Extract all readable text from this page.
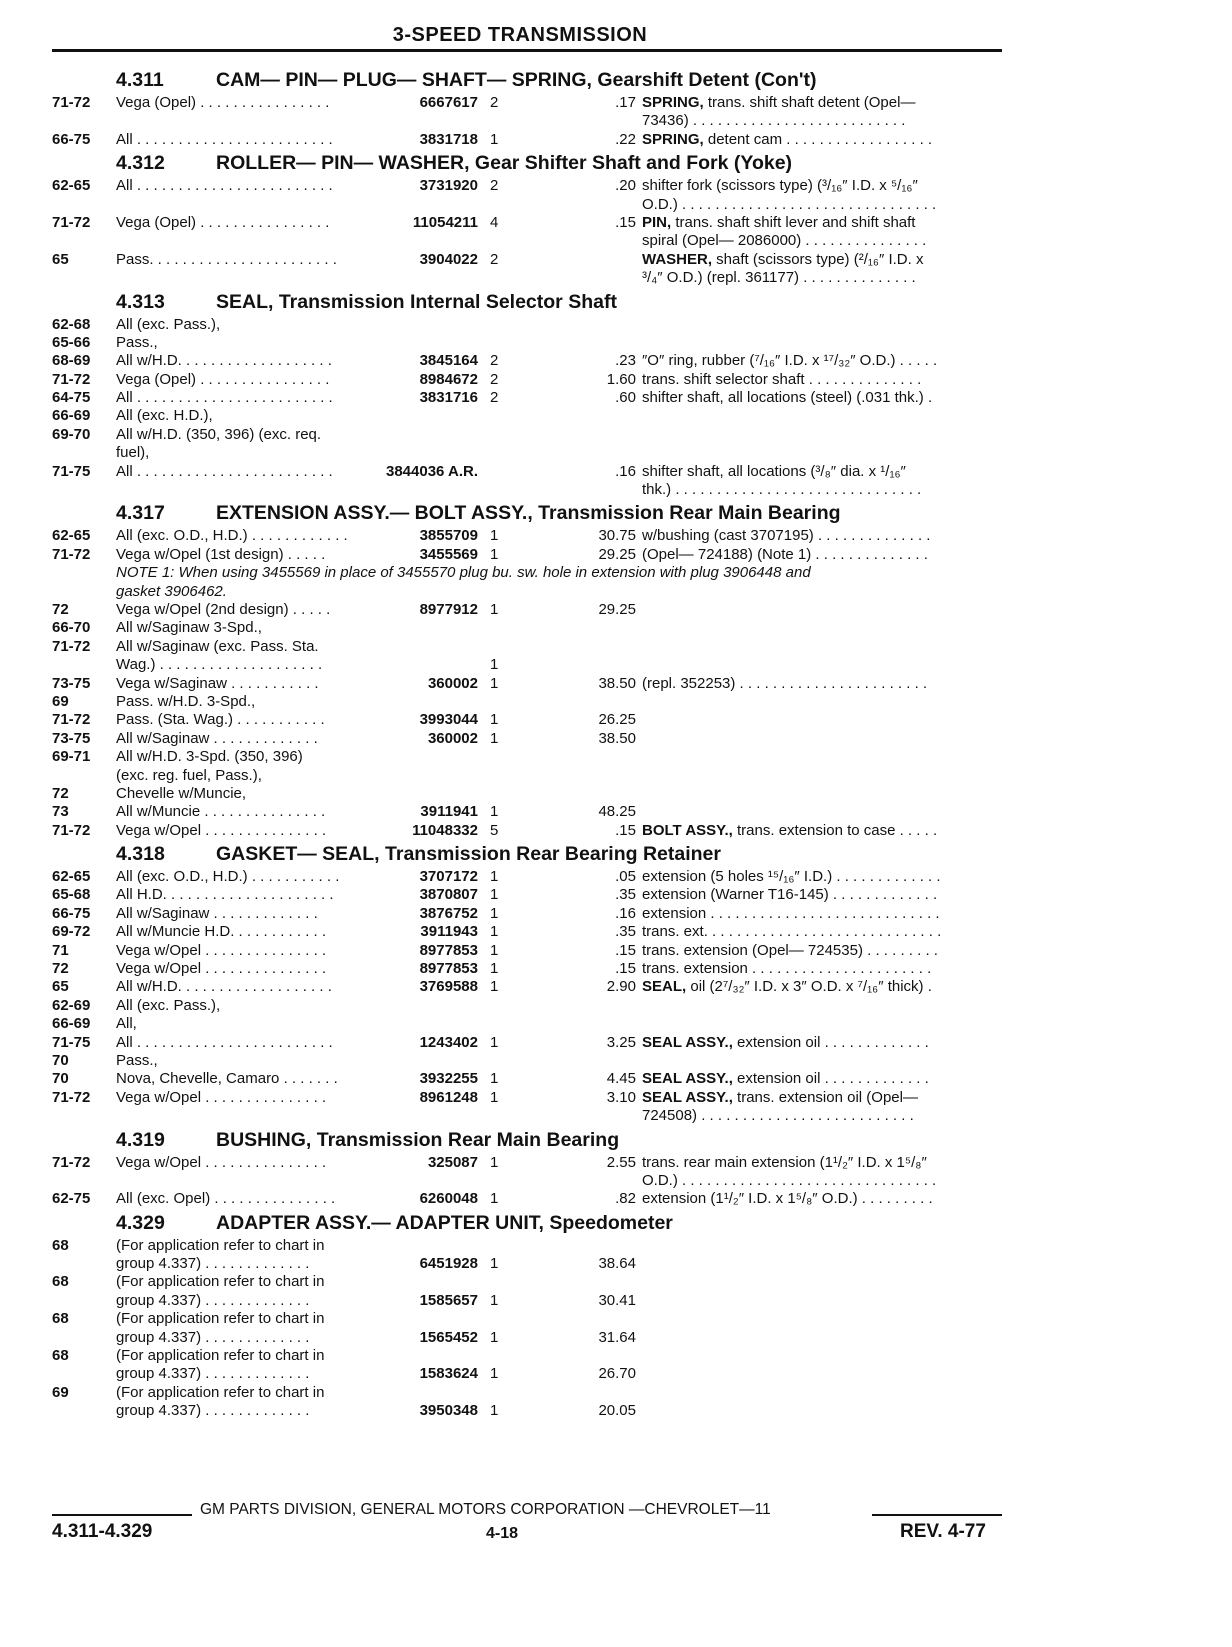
3-SPEED TRANSMISSION
4.311	CAM— PIN— PLUG— SHAFT— SPRING, Gearshift Detent (Con't)
71-72 Vega (Opel) . . . . . . . . . . . . . . . .	6667617 2	.17 SPRING, trans. shift shaft detent (Opel—
73436) . . . . . . . . . . . . . . . . . . . . . . . . . .
66-75 All . . . . . . . . . . . . . . . . . . . . . . . .	3831718 1	.22 SPRING, detent cam . . . . . . . . . . . . . . . . . .
4.312	ROLLER— PIN— WASHER, Gear Shifter Shaft and Fork (Yoke)
62-65 All . . . . . . . . . . . . . . . . . . . . . . . .	3731920 2	.20 shifter fork (scissors type) (³/₁₆″ I.D. x ⁵/₁₆″
O.D.) . . . . . . . . . . . . . . . . . . . . . . . . . . . . . . .
71-72 Vega (Opel) . . . . . . . . . . . . . . . .	11054211 4	.15 PIN, trans. shaft shift lever and shift shaft
spiral (Opel— 2086000) . . . . . . . . . . . . . . .
65	Pass. . . . . . . . . . . . . . . . . . . . . . .	3904022 2	WASHER, shaft (scissors type) (²/₁₆″ I.D. x
³/₄″ O.D.) (repl. 361177) . . . . . . . . . . . . . .
4.313	SEAL, Transmission Internal Selector Shaft
62-68 All (exc. Pass.),
65-66 Pass.,
68-69 All w/H.D. . . . . . . . . . . . . . . . . . .	3845164 2	.23 ″O″ ring, rubber (⁷/₁₆″ I.D. x ¹⁷/₃₂″ O.D.) . . . . .
71-72 Vega (Opel) . . . . . . . . . . . . . . . .	8984672 2	1.60 trans. shift selector shaft . . . . . . . . . . . . . .
64-75 All . . . . . . . . . . . . . . . . . . . . . . . .	3831716 2	.60 shifter shaft, all locations (steel) (.031 thk.) .
66-69 All (exc. H.D.),
69-70 All w/H.D. (350, 396) (exc. req.
fuel),
71-75 All . . . . . . . . . . . . . . . . . . . . . . . .	3844036 A.R.	.16 shifter shaft, all locations (³/₈″ dia. x ¹/₁₆″
thk.) . . . . . . . . . . . . . . . . . . . . . . . . . . . . . .
4.317	EXTENSION ASSY.— BOLT ASSY., Transmission Rear Main Bearing
62-65 All (exc. O.D., H.D.) . . . . . . . . . . . .	3855709 1	30.75 w/bushing (cast 3707195) . . . . . . . . . . . . . .
71-72 Vega w/Opel (1st design) . . . . .	3455569 1	29.25 (Opel— 724188) (Note 1) . . . . . . . . . . . . . .
NOTE 1: When using 3455569 in place of 3455570 plug bu. sw. hole in extension with plug 3906448 and
gasket 3906462.
72	Vega w/Opel (2nd design) . . . . .	8977912 1	29.25
66-70 All w/Saginaw 3-Spd.,
71-72 All w/Saginaw (exc. Pass. Sta.
Wag.) . . . . . . . . . . . . . . . . . . . .	1
73-75 Vega w/Saginaw . . . . . . . . . . .	360002 1	38.50 (repl. 352253) . . . . . . . . . . . . . . . . . . . . . . .
69	Pass. w/H.D. 3-Spd.,
71-72 Pass. (Sta. Wag.) . . . . . . . . . . .	3993044 1	26.25
73-75 All w/Saginaw . . . . . . . . . . . . .	360002 1	38.50
69-71 All w/H.D. 3-Spd. (350, 396)
(exc. reg. fuel, Pass.),
72	Chevelle w/Muncie,
73	All w/Muncie . . . . . . . . . . . . . . .	3911941 1	48.25
71-72 Vega w/Opel . . . . . . . . . . . . . . .	11048332 5	.15 BOLT ASSY., trans. extension to case . . . . .
4.318	GASKET— SEAL, Transmission Rear Bearing Retainer
62-65 All (exc. O.D., H.D.) . . . . . . . . . . .	3707172 1	.05 extension (5 holes ¹⁵/₁₆″ I.D.) . . . . . . . . . . . . .
65-68 All H.D. . . . . . . . . . . . . . . . . . . . .	3870807 1	.35 extension (Warner T16-145) . . . . . . . . . . . . .
66-75 All w/Saginaw . . . . . . . . . . . . .	3876752 1	.16 extension . . . . . . . . . . . . . . . . . . . . . . . . . . . .
69-72 All w/Muncie H.D. . . . . . . . . . . .	3911943 1	.35 trans. ext. . . . . . . . . . . . . . . . . . . . . . . . . . . . .
71	Vega w/Opel . . . . . . . . . . . . . . .	8977853 1	.15 trans. extension (Opel— 724535) . . . . . . . . .
72	Vega w/Opel . . . . . . . . . . . . . . .	8977853 1	.15 trans. extension . . . . . . . . . . . . . . . . . . . . . .
65	All w/H.D. . . . . . . . . . . . . . . . . . .	3769588 1	2.90 SEAL, oil (2⁷/₃₂″ I.D. x 3″ O.D. x ⁷/₁₆″ thick) .
62-69 All (exc. Pass.),
66-69 All,
71-75 All . . . . . . . . . . . . . . . . . . . . . . . .	1243402 1	3.25 SEAL ASSY., extension oil . . . . . . . . . . . . .
70	Pass.,
70	Nova, Chevelle, Camaro . . . . . . .	3932255 1	4.45 SEAL ASSY., extension oil . . . . . . . . . . . . .
71-72 Vega w/Opel . . . . . . . . . . . . . . .	8961248 1	3.10 SEAL ASSY., trans. extension oil (Opel—
724508) . . . . . . . . . . . . . . . . . . . . . . . . . .
4.319	BUSHING, Transmission Rear Main Bearing
71-72 Vega w/Opel . . . . . . . . . . . . . . .	325087 1	2.55 trans. rear main extension (1¹/₂″ I.D. x 1⁵/₈″
O.D.) . . . . . . . . . . . . . . . . . . . . . . . . . . . . . . .
62-75 All (exc. Opel) . . . . . . . . . . . . . . .	6260048 1	.82 extension (1¹/₂″ I.D. x 1⁵/₈″ O.D.) . . . . . . . . .
4.329	ADAPTER ASSY.— ADAPTER UNIT, Speedometer
68	(For application refer to chart in
group 4.337) . . . . . . . . . . . . .	6451928 1	38.64
68	(For application refer to chart in
group 4.337) . . . . . . . . . . . . .	1585657 1	30.41
68	(For application refer to chart in
group 4.337) . . . . . . . . . . . . .	1565452 1	31.64
68	(For application refer to chart in
group 4.337) . . . . . . . . . . . . .	1583624 1	26.70
69	(For application refer to chart in
group 4.337) . . . . . . . . . . . . .	3950348 1	20.05
GM PARTS DIVISION, GENERAL MOTORS CORPORATION —CHEVROLET—11
4.311-4.329	4-18	REV. 4-77
